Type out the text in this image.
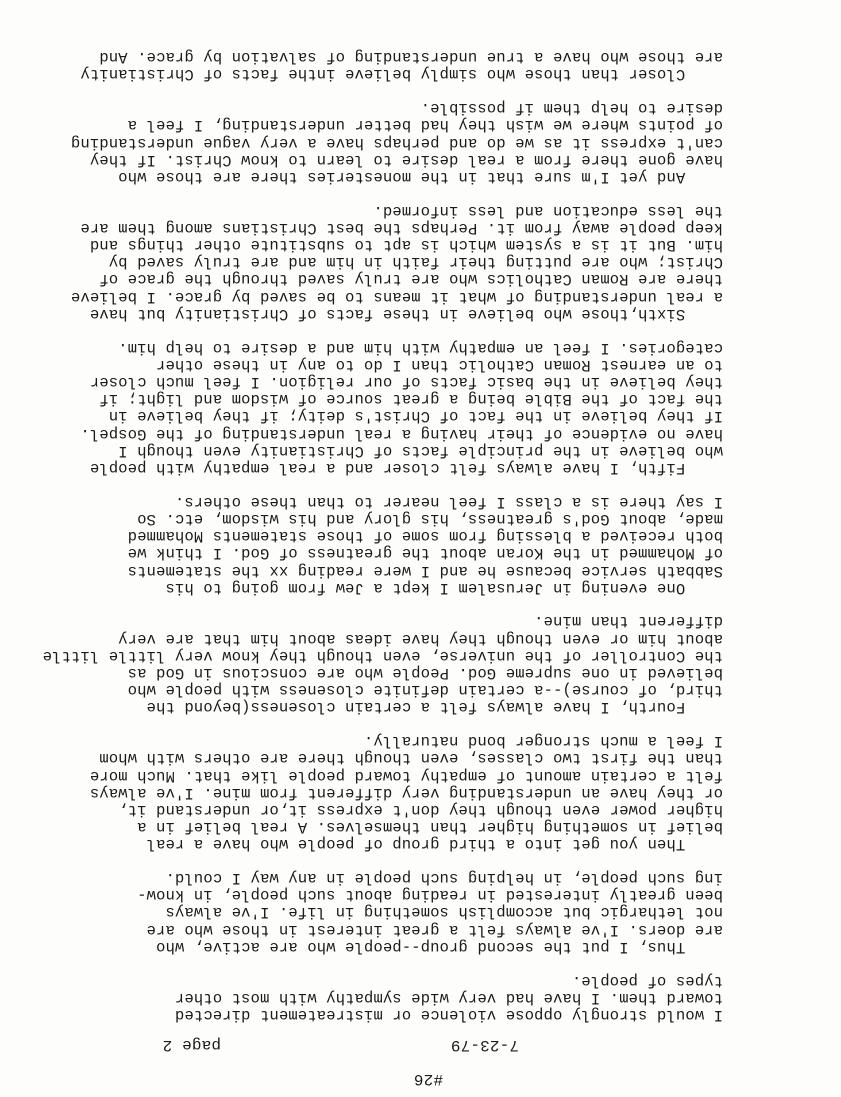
#26
7-23-79
page 2
I would strongly oppose violence or mistreatement directed
toward them. I have had very wide sympathy with most other
types of people.
Thus, I put the second group--people who are active, who
are doers. I've always felt a great interest in those who are
not lethargic but accomplish something in life. I've always
been greatly interested in reading about such people, in know-
ing such people, in helping such people in any way I could.
Then you get into a third group of people who have a real
belief in something higher than themselves. A real belief in a
higher power even though they don't express it,or understand it,
or they have an understanding very different from mine. I've always
felt a certain amount of empathy toward people like that. Much more
than the first two classes, even though there are others with whom
I feel a much stronger bond naturally.
Fourth, I have always felt a certain closeness(beyond the
third, of course)--a certain definite closeness with people who
believed in one supreme God. People who are conscious in God as
the Controller of the universe, even though they know very little little
about him or even though they have ideas about him that are very
different than mine.
One evening in Jerusalem I kept a Jew from going to his
Sabbath service because he and I were reading xx the statements
of Mohammed in the Koran about the greatness of God. I think we
both received a blessing from some of those statements Mohammed
made, about God's greatness, his glory and his wisdom, etc. So
I say there is a class I feel nearer to than these others.
Fifth, I have always felt closer and a real empathy with people
who believe in the principle facts of Christianity even though I
have no evidence of their having a real understanding of the Gospel.
If they believe in the fact of Christ's deity; if they believe in
the fact of the Bible being a great source of wisdom and light; if
they believe in the basic facts of our religion. I feel much closer
to an earnest Roman Catholic than I do to any in these other
categories. I feel an empathy with him and a desire to help him.
Sixth,those who believe in these facts of Christianity but have
a real understanding of what it means to be saved by grace. I believe
there are Roman Catholics who are truly saved through the grace of
Christ; who are putting their faith in him and are truly saved by
him. But it is a system which is apt to substitute other things and
keep people away from it. Perhaps the best Christians among them are
the less education and less informed.
And yet I'm sure that in the monesteries there are those who
have gone there from a real desire to learn to know Christ. If they
can't express it as we do and perhaps have a very vague understanding
of points where we wish they had better understanding, I feel a
desire to help them if possible.
Closer than those who simply believe inthe facts of Christianity
are those who have a true understanding of salvation by grace. And
